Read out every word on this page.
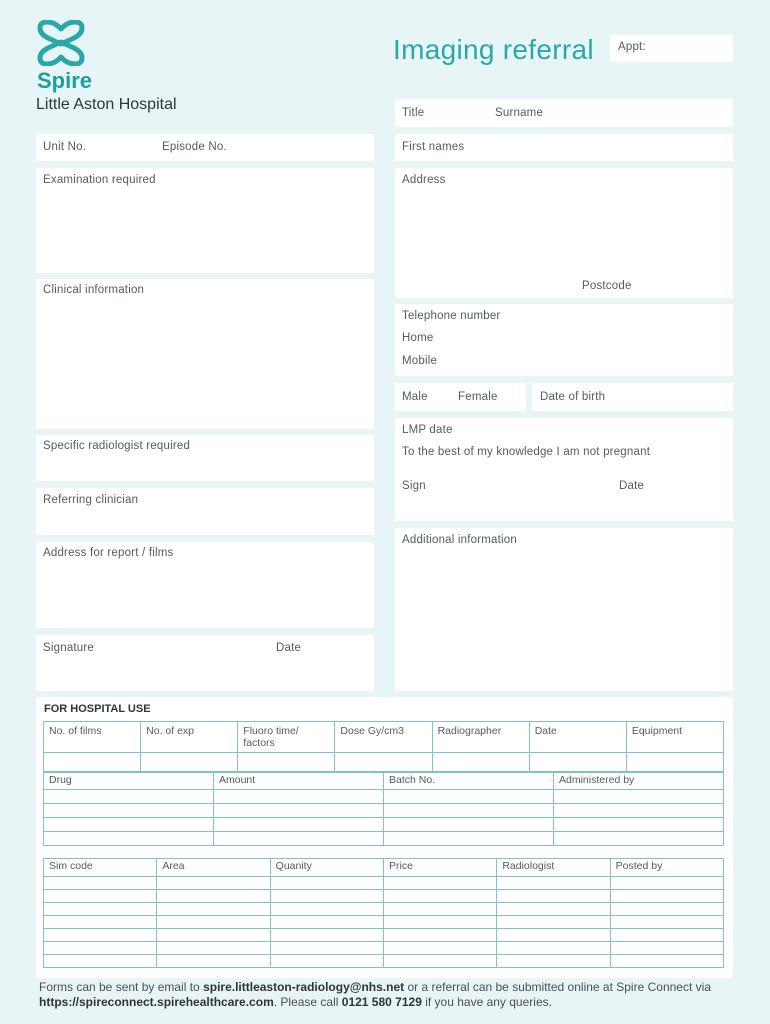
Spire
Little Aston Hospital
Imaging referral Appt:
Unit No.	Episode No.
Examination required
Clinical information
Specific radiologist required
Referring clinician
Address for report / films
Signature	Date
Title	Surname
First names
Address
Postcode
Telephone number
Home
Mobile
Male	Female	Date of birth
LMP date
To the best of my knowledge I am not pregnant
Sign	Date
Additional information
FOR HOSPITAL USE
No. of films	No. of exp	Fluoro time/ factors	Dose Gy/cm3	Radiographer	Date	Equipment

Drug	Amount	Batch No.	Administered by

Sim code	Area	Quanity	Price	Radiologist	Posted by

Forms can be sent by email to spire.littleaston-radiology@nhs.net or a referral can be submitted online at Spire Connect via https://spireconnect.spirehealthcare.com. Please call 0121 580 7129 if you have any queries.
